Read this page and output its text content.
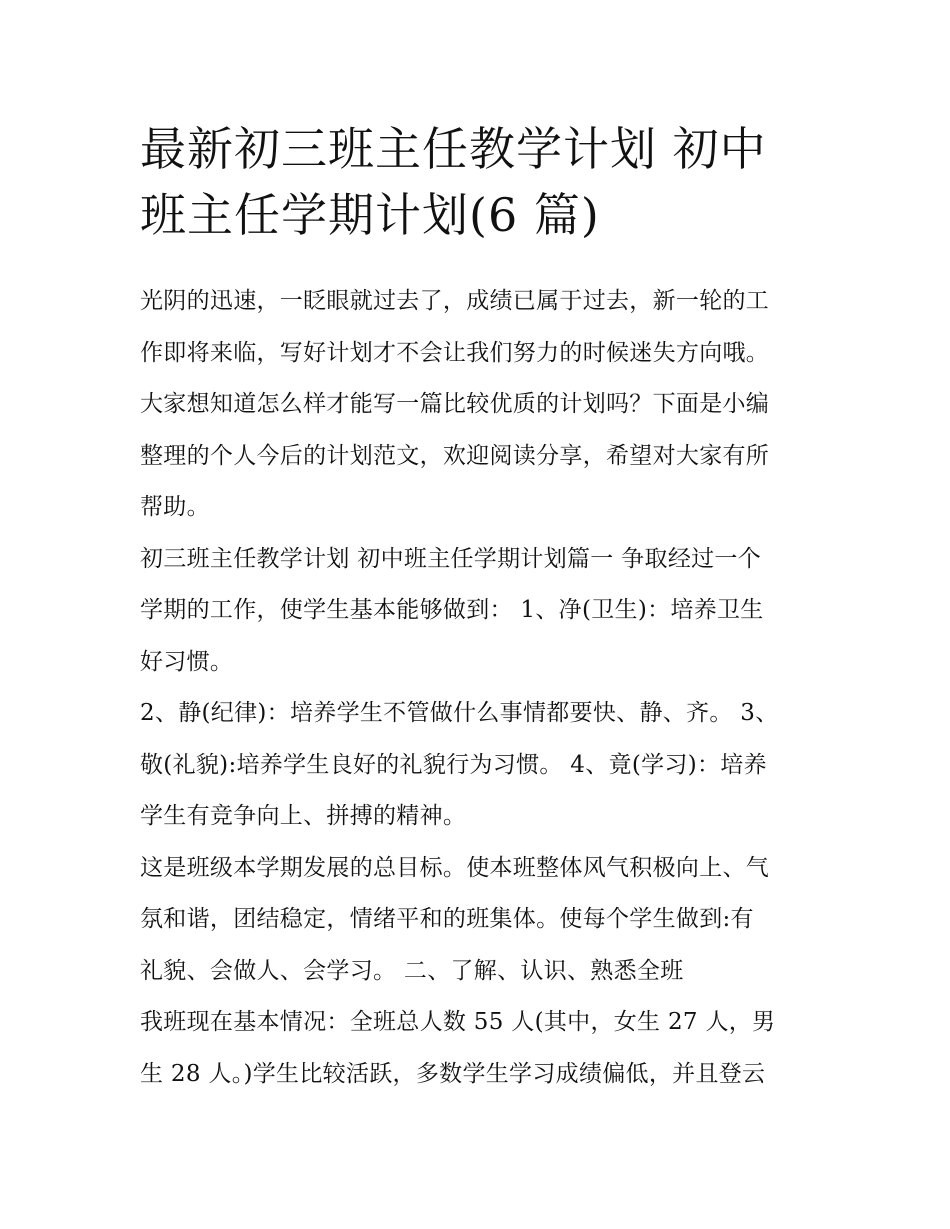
最新初三班主任教学计划 初中
班主任学期计划(6 篇)
光阴的迅速，一眨眼就过去了，成绩已属于过去，新一轮的工
作即将来临，写好计划才不会让我们努力的时候迷失方向哦。
大家想知道怎么样才能写一篇比较优质的计划吗？下面是小编
整理的个人今后的计划范文，欢迎阅读分享，希望对大家有所
帮助。
初三班主任教学计划 初中班主任学期计划篇一 争取经过一个
学期的工作，使学生基本能够做到： 1、净(卫生)：培养卫生
好习惯。
2、静(纪律)：培养学生不管做什么事情都要快、静、齐。 3、
敬(礼貌):培养学生良好的礼貌行为习惯。 4、竟(学习)：培养
学生有竞争向上、拼搏的精神。
这是班级本学期发展的总目标。使本班整体风气积极向上、气
氛和谐，团结稳定，情绪平和的班集体。使每个学生做到:有
礼貌、会做人、会学习。 二、了解、认识、熟悉全班
我班现在基本情况：全班总人数 55 人(其中，女生 27 人，男
生 28 人。)学生比较活跃，多数学生学习成绩偏低，并且登云
